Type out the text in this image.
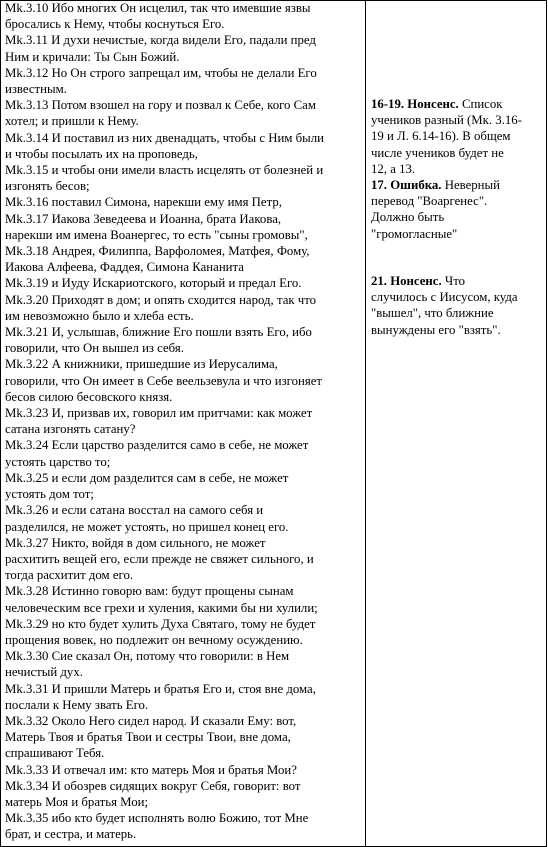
Mk.3.10 Ибо многих Он исцелил, так что имевшие язвы

бросались к Нему, чтобы коснуться Его.

Mk.3.11 И духи нечистые, когда видели Его, падали пред

Ним и кричали: Ты Сын Божий.

Mk.3.12 Но Он строго запрещал им, чтобы не делали Его

известным.

Mk.3.13 Потом взошел на гору и позвал к Себе, кого Сам

хотел; и пришли к Нему.

Mk.3.14 И поставил из них двенадцать, чтобы с Ним были

и чтобы посылать их на проповедь,

Mk.3.15 и чтобы они имели власть исцелять от болезней и

изгонять бесов;

Mk.3.16 поставил Симона, нарекши ему имя Петр,

Mk.3.17 Иакова Зеведеева и Иоанна, брата Иакова,

нарекши им имена Воанергес, то есть "сыны громовы",

Mk.3.18 Андрея, Филиппа, Варфоломея, Матфея, Фому,

Иакова Алфеева, Фаддея, Симона Кананита

Mk.3.19 и Иуду Искариотского, который и предал Его.

Mk.3.20 Приходят в дом; и опять сходится народ, так что

им невозможно было и хлеба есть.

Mk.3.21 И, услышав, ближние Его пошли взять Его, ибо

говорили, что Он вышел из себя.

Mk.3.22 А книжники, пришедшие из Иерусалима,

говорили, что Он имеет в Себе веельзевула и что изгоняет

бесов силою бесовского князя.

Mk.3.23 И, призвав их, говорил им притчами: как может

сатана изгонять сатану?

Mk.3.24 Если царство разделится само в себе, не может

устоять царство то;

Mk.3.25 и если дом разделится сам в себе, не может

устоять дом тот;

Mk.3.26 и если сатана восстал на самого себя и

разделился, не может устоять, но пришел конец его.

Mk.3.27 Никто, войдя в дом сильного, не может

расхитить вещей его, если прежде не свяжет сильного, и

тогда расхитит дом его.

Mk.3.28 Истинно говорю вам: будут прощены сынам

человеческим все грехи и хуления, какими бы ни хулили;

Mk.3.29 но кто будет хулить Духа Святаго, тому не будет

прощения вовек, но подлежит он вечному осуждению.

Mk.3.30 Сие сказал Он, потому что говорили: в Нем

нечистый дух.

Mk.3.31 И пришли Матерь и братья Его и, стоя вне дома,

послали к Нему звать Его.

Mk.3.32 Около Него сидел народ. И сказали Ему: вот,

Матерь Твоя и братья Твои и сестры Твои, вне дома,

спрашивают Тебя.

Mk.3.33 И отвечал им: кто матерь Моя и братья Мои?

Mk.3.34 И обозрев сидящих вокруг Себя, говорит: вот

матерь Моя и братья Мои;

Mk.3.35 ибо кто будет исполнять волю Божию, тот Мне

брат, и сестра, и матерь.

16-19. Нонсенс. Список
учеников разный (Мк. 3.16-
19 и Л. 6.14-16). В общем
числе учеников будет не
12, а 13.

17. Ошибка. Неверный
перевод "Воаргенес".
Должно быть
"громогласные"

21. Нонсенс. Что
случилось с Иисусом, куда
"вышел", что ближние
вынуждены его "взять".
